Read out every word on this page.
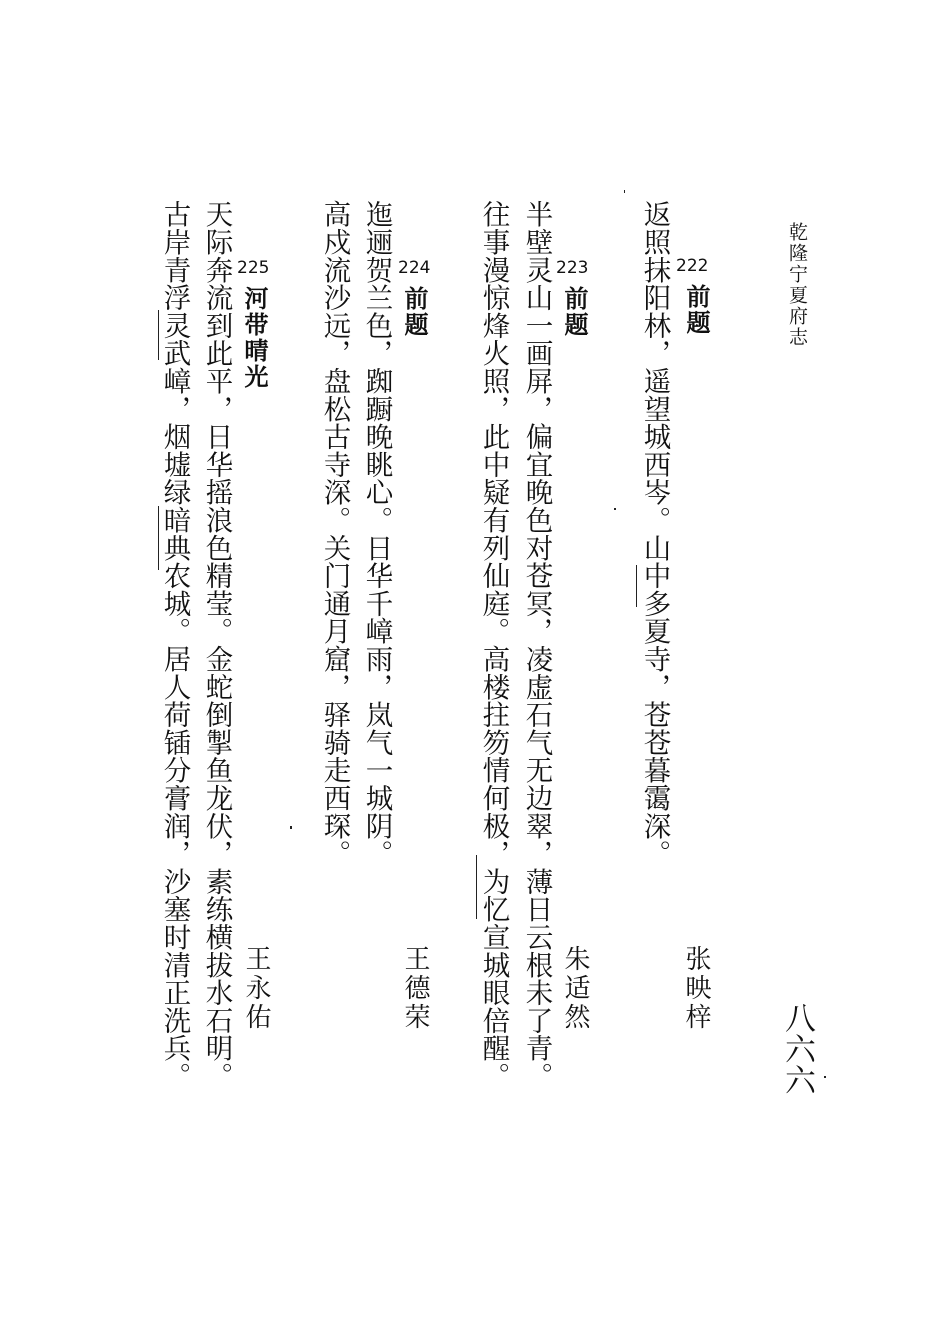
乾隆宁夏府志
八六六
222
前题
张映梓
返照抹阳林，遥望城西岑。山中多夏寺，苍苍暮霭深。
223
前题
朱适然
半壁灵山一画屏，偏宜晚色对苍冥，凌虚石气无边翠，薄日云根未了青。
往事漫惊烽火照，此中疑有列仙庭。高楼拄笏情何极，为忆宣城眼倍醒。
224
前题
王德荣
迤逦贺兰色，踟蹰晚眺心。日华千嶂雨，岚气一城阴。
高戍流沙远，盘松古寺深。关门通月窟，驿骑走西琛。
225
河带晴光
王永佑
天际奔流到此平，日华摇浪色精莹。金蛇倒掣鱼龙伏，素练横拔水石明。
古岸青浮灵武嶂，烟墟绿暗典农城。居人荷锸分膏润，沙塞时清正洗兵。
